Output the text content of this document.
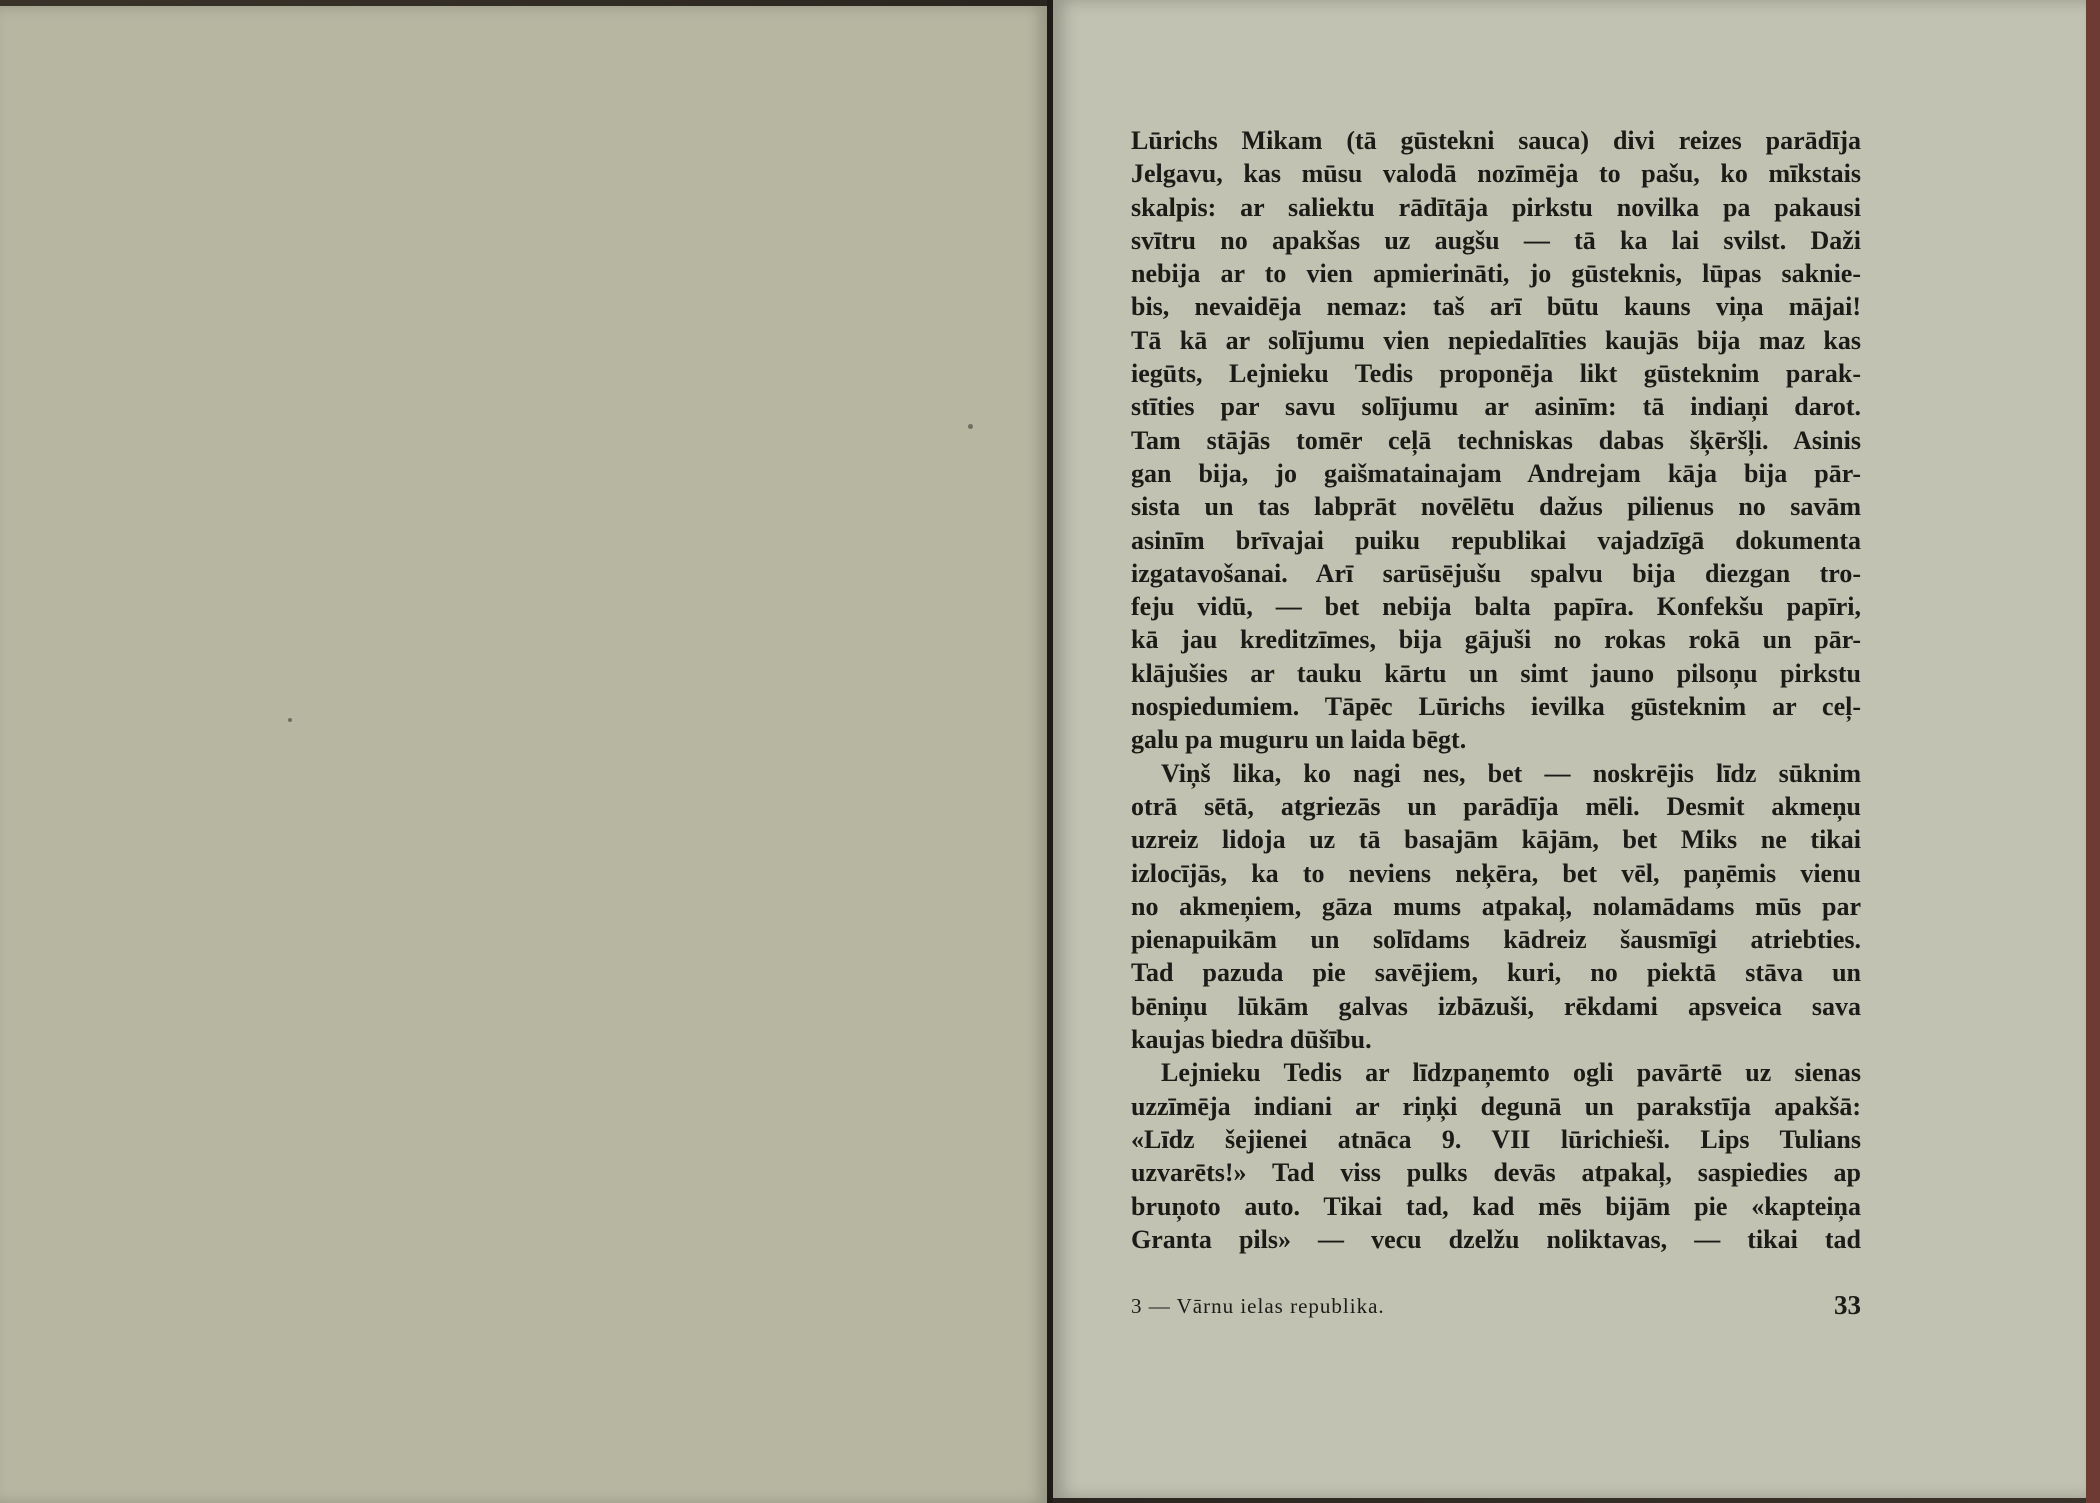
Lūrichs Mikam (tā gūstekni sauca) divi reizes parādīja
Jelgavu, kas mūsu valodā nozīmēja to pašu, ko mīkstais
skalpis: ar saliektu rādītāja pirkstu novilka pa pakausi
svītru no apakšas uz augšu — tā ka lai svilst. Daži
nebija ar to vien apmierināti, jo gūsteknis, lūpas saknie-
bis, nevaidēja nemaz: taš arī būtu kauns viņa mājai!
Tā kā ar solījumu vien nepiedalīties kaujās bija maz kas
iegūts, Lejnieku Tedis proponēja likt gūsteknim parak-
stīties par savu solījumu ar asinīm: tā indiaņi darot.
Tam stājās tomēr ceļā techniskas dabas šķēršļi. Asinis
gan bija, jo gaišmatainajam Andrejam kāja bija pār-
sista un tas labprāt novēlētu dažus pilienus no savām
asinīm brīvajai puiku republikai vajadzīgā dokumenta
izgatavošanai. Arī sarūsējušu spalvu bija diezgan tro-
feju vidū, — bet nebija balta papīra. Konfekšu papīri,
kā jau kreditzīmes, bija gājuši no rokas rokā un pār-
klājušies ar tauku kārtu un simt jauno pilsoņu pirkstu
nospiedumiem. Tāpēc Lūrichs ievilka gūsteknim ar ceļ-
galu pa muguru un laida bēgt.
Viņš lika, ko nagi nes, bet — noskrējis līdz sūknim
otrā sētā, atgriezās un parādīja mēli. Desmit akmeņu
uzreiz lidoja uz tā basajām kājām, bet Miks ne tikai
izlocījās, ka to neviens neķēra, bet vēl, paņēmis vienu
no akmeņiem, gāza mums atpakaļ, nolamādams mūs par
pienapuikām un solīdams kādreiz šausmīgi atriebties.
Tad pazuda pie savējiem, kuri, no piektā stāva un
bēniņu lūkām galvas izbāzuši, rēkdami apsveica sava
kaujas biedra dūšību.
Lejnieku Tedis ar līdzpaņemto ogli pavārtē uz sienas
uzzīmēja indiani ar riņķi degunā un parakstīja apakšā:
«Līdz šejienei atnāca 9. VII lūrichieši. Lips Tulians
uzvarēts!» Tad viss pulks devās atpakaļ, saspiedies ap
bruņoto auto. Tikai tad, kad mēs bijām pie «kapteiņa
Granta pils» — vecu dzelžu noliktavas, — tikai tad
3 — Vārnu ielas republika.	33
